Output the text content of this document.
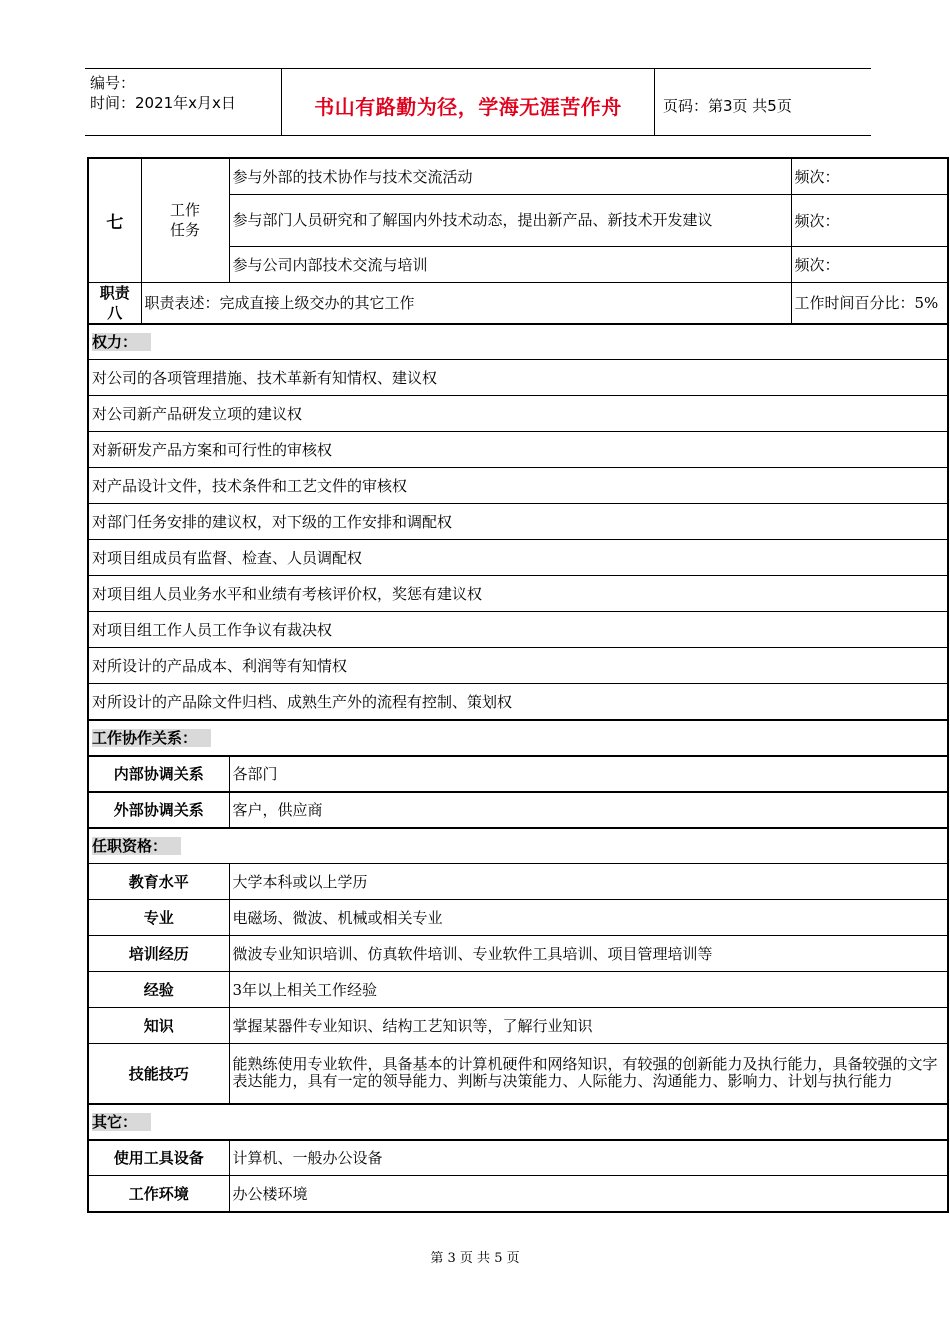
编号：
时间：2021年x月x日	书山有路勤为径，学海无涯苦作舟	页码：第3页 共5页
七	工作任务	参与外部的技术协作与技术交流活动	频次：
		参与部门人员研究和了解国内外技术动态，提出新产品、新技术开发建议	频次：
		参与公司内部技术交流与培训	频次：

职责八	职责表述：完成直接上级交办的其它工作		工作时间百分比：5%
权力：			
对公司的各项管理措施、技术革新有知情权、建议权			
对公司新产品研发立项的建议权			
对新研发产品方案和可行性的审核权			
对产品设计文件，技术条件和工艺文件的审核权			
对部门任务安排的建议权，对下级的工作安排和调配权			
对项目组成员有监督、检查、人员调配权			
对项目组人员业务水平和业绩有考核评价权，奖惩有建议权			
对项目组工作人员工作争议有裁决权			
对所设计的产品成本、利润等有知情权			
对所设计的产品除文件归档、成熟生产外的流程有控制、策划权			
工作协作关系：			
内部协调关系		各部门	
外部协调关系		客户，供应商	
任职资格：			
教育水平		大学本科或以上学历	
专业		电磁场、微波、机械或相关专业	
培训经历		微波专业知识培训、仿真软件培训、专业软件工具培训、项目管理培训等	
经验		3年以上相关工作经验	
知识		掌握某器件专业知识、结构工艺知识等，了解行业知识	
技能技巧		能熟练使用专业软件，具备基本的计算机硬件和网络知识，有较强的创新能力及执行能力，具备较强的文字表达能力，具有一定的领导能力、判断与决策能力、人际能力、沟通能力、影响力、计划与执行能力	
其它：			
使用工具设备		计算机、一般办公设备	
工作环境		办公楼环境	
第 3 页 共 5 页
